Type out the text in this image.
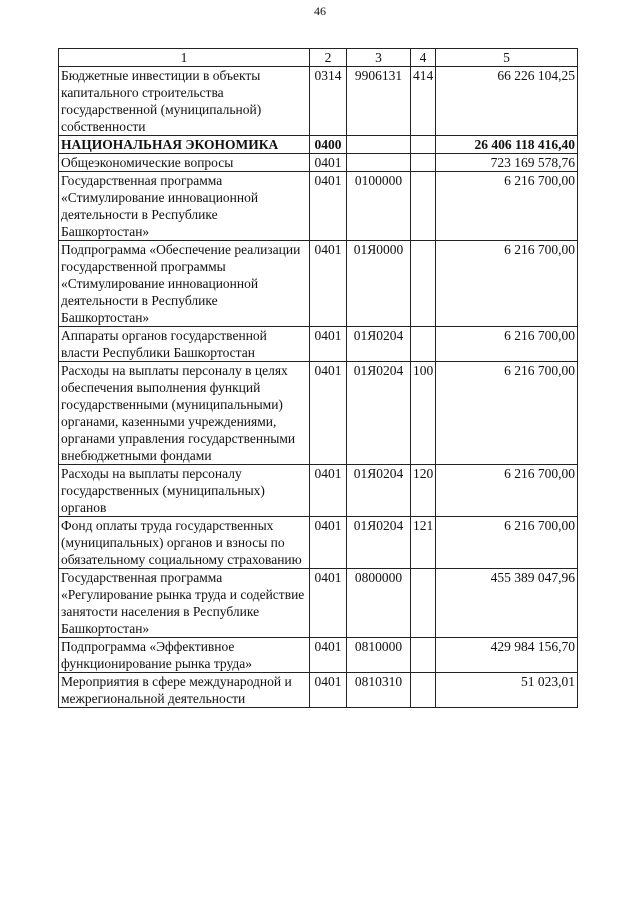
46
1	2	3	4	5
Бюджетные инвестиции в объекты капитального строительства государственной (муниципальной) собственности	0314	9906131	414	66 226 104,25
НАЦИОНАЛЬНАЯ ЭКОНОМИКА	0400			26 406 118 416,40
Общеэкономические вопросы	0401			723 169 578,76
Государственная программа «Стимулирование инновационной деятельности в Республике Башкортостан»	0401	0100000		6 216 700,00
Подпрограмма «Обеспечение реализации государственной программы «Стимулирование инновационной деятельности в Республике Башкортостан»	0401	01Я0000		6 216 700,00
Аппараты органов государственной власти Республики Башкортостан	0401	01Я0204		6 216 700,00
Расходы на выплаты персоналу в целях обеспечения выполнения функций государственными (муниципальными) органами, казенными учреждениями, органами управления государственными внебюджетными фондами	0401	01Я0204	100	6 216 700,00
Расходы на выплаты персоналу государственных (муниципальных) органов	0401	01Я0204	120	6 216 700,00
Фонд оплаты труда государственных (муниципальных) органов и взносы по обязательному социальному страхованию	0401	01Я0204	121	6 216 700,00
Государственная программа «Регулирование рынка труда и содействие занятости населения в Республике Башкортостан»	0401	0800000		455 389 047,96
Подпрограмма «Эффективное функционирование рынка труда»	0401	0810000		429 984 156,70
Мероприятия в сфере международной и межрегиональной деятельности	0401	0810310		51 023,01
